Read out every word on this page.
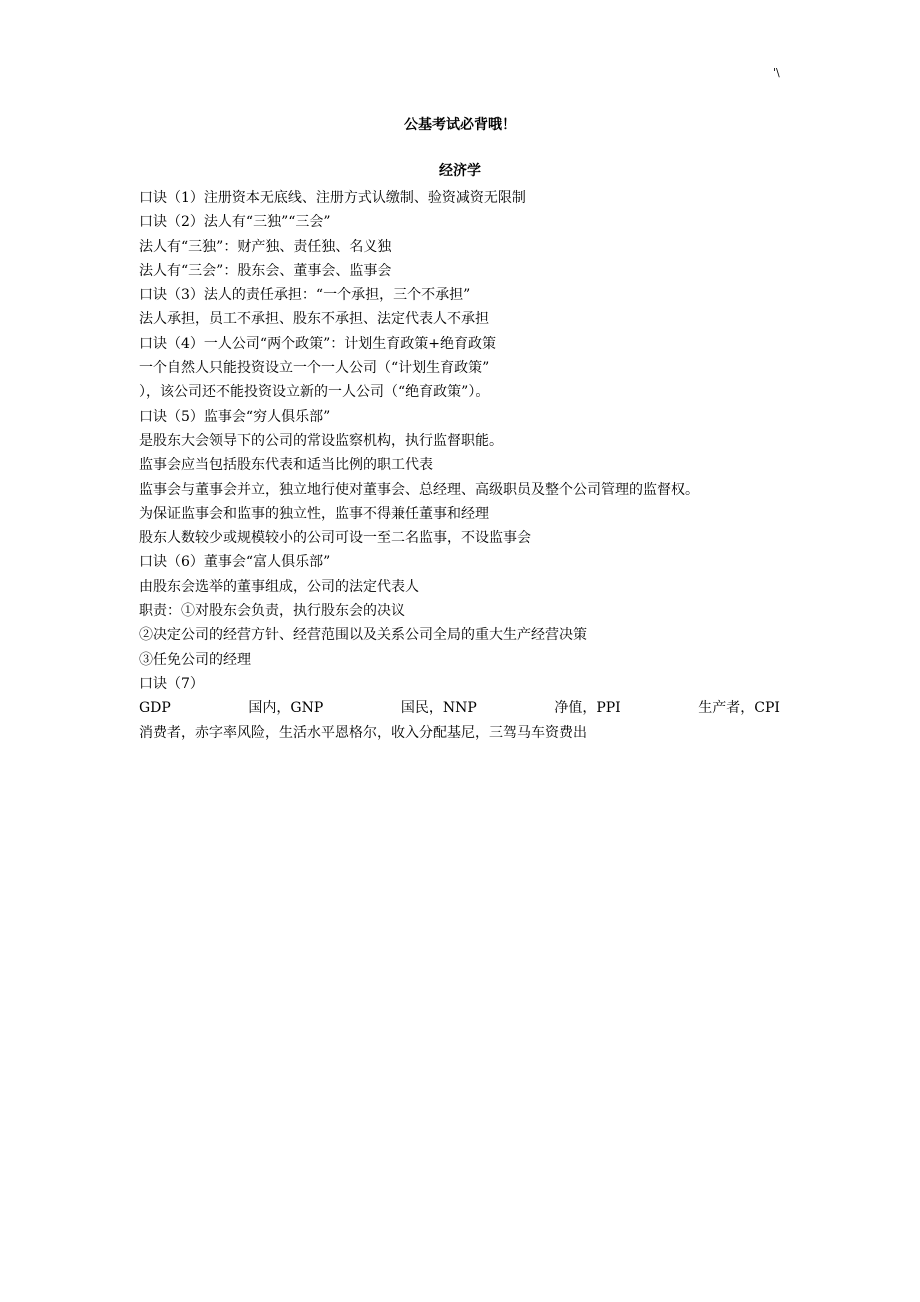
'\
公基考试必背哦！
经济学
口诀（1）注册资本无底线、注册方式认缴制、验资减资无限制
口诀（2）法人有“三独”“三会”
法人有“三独”：财产独、责任独、名义独
法人有“三会”：股东会、董事会、监事会
口诀（3）法人的责任承担：“一个承担，三个不承担”
法人承担，员工不承担、股东不承担、法定代表人不承担
口诀（4）一人公司“两个政策”：计划生育政策+绝育政策
一个自然人只能投资设立一个一人公司（“计划生育政策”
），该公司还不能投资设立新的一人公司（“绝育政策”）。
口诀（5）监事会“穷人俱乐部”
是股东大会领导下的公司的常设监察机构，执行监督职能。
监事会应当包括股东代表和适当比例的职工代表
监事会与董事会并立，独立地行使对董事会、总经理、高级职员及整个公司管理的监督权。
为保证监事会和监事的独立性，监事不得兼任董事和经理
股东人数较少或规模较小的公司可设一至二名监事，不设监事会
口诀（6）董事会“富人俱乐部”
由股东会选举的董事组成，公司的法定代表人
职责：①对股东会负责，执行股东会的决议
②决定公司的经营方针、经营范围以及关系公司全局的重大生产经营决策
③任免公司的经理
口诀（7）
GDP	国内，GNP	国民，NNP	净值，PPI	生产者，CPI
消费者，赤字率风险，生活水平恩格尔，收入分配基尼，三驾马车资费出
